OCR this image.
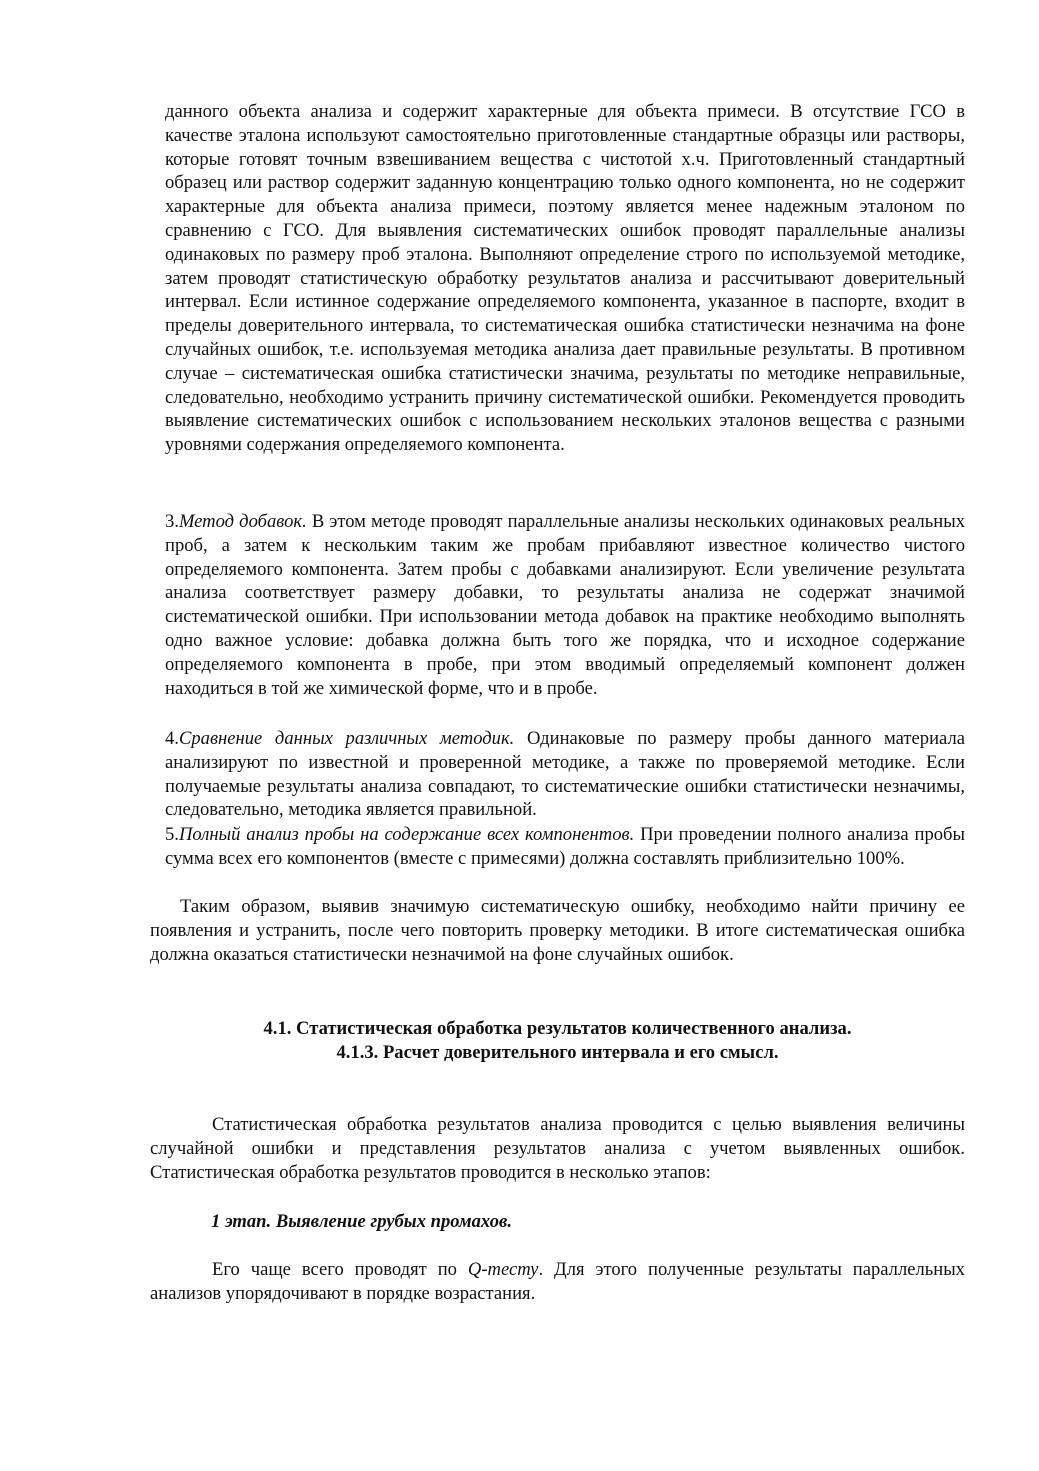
данного объекта анализа и содержит характерные для объекта примеси. В отсутствие ГСО в качестве эталона используют самостоятельно приготовленные стандартные образцы или растворы, которые готовят точным взвешиванием вещества с чистотой х.ч. Приготовленный стандартный образец или раствор содержит заданную концентрацию только одного компонента, но не содержит характерные для объекта анализа примеси, поэтому является менее надежным эталоном по сравнению с ГСО. Для выявления систематических ошибок проводят параллельные анализы одинаковых по размеру проб эталона. Выполняют определение строго по используемой методике, затем проводят статистическую обработку результатов анализа и рассчитывают доверительный интервал. Если истинное содержание определяемого компонента, указанное в паспорте, входит в пределы доверительного интервала, то систематическая ошибка статистически незначима на фоне случайных ошибок, т.е. используемая методика анализа дает правильные результаты. В противном случае – систематическая ошибка статистически значима, результаты по методике неправильные, следовательно, необходимо устранить причину систематической ошибки. Рекомендуется проводить выявление систематических ошибок с использованием нескольких эталонов вещества с разными уровнями содержания определяемого компонента.

3.Метод добавок. В этом методе проводят параллельные анализы нескольких одинаковых реальных проб, а затем к нескольким таким же пробам прибавляют известное количество чистого определяемого компонента. Затем пробы с добавками анализируют. Если увеличение результата анализа соответствует размеру добавки, то результаты анализа не содержат значимой систематической ошибки. При использовании метода добавок на практике необходимо выполнять одно важное условие: добавка должна быть того же порядка, что и исходное содержание определяемого компонента в пробе, при этом вводимый определяемый компонент должен находиться в той же химической форме, что и в пробе.

4.Сравнение данных различных методик. Одинаковые по размеру пробы данного материала анализируют по известной и проверенной методике, а также по проверяемой методике. Если получаемые результаты анализа совпадают, то систематические ошибки статистически незначимы, следовательно, методика является правильной.

5.Полный анализ пробы на содержание всех компонентов. При проведении полного анализа пробы сумма всех его компонентов (вместе с примесями) должна составлять приблизительно 100%.

Таким образом, выявив значимую систематическую ошибку, необходимо найти причину ее появления и устранить, после чего повторить проверку методики. В итоге систематическая ошибка должна оказаться статистически незначимой на фоне случайных ошибок.

4.1. Статистическая обработка результатов количественного анализа.

4.1.3. Расчет доверительного интервала и его смысл.

Статистическая обработка результатов анализа проводится с целью выявления величины случайной ошибки и представления результатов анализа с учетом выявленных ошибок. Статистическая обработка результатов проводится в несколько этапов:

1 этап. Выявление грубых промахов.

Его чаще всего проводят по Q-тесту. Для этого полученные результаты параллельных анализов упорядочивают в порядке возрастания.
